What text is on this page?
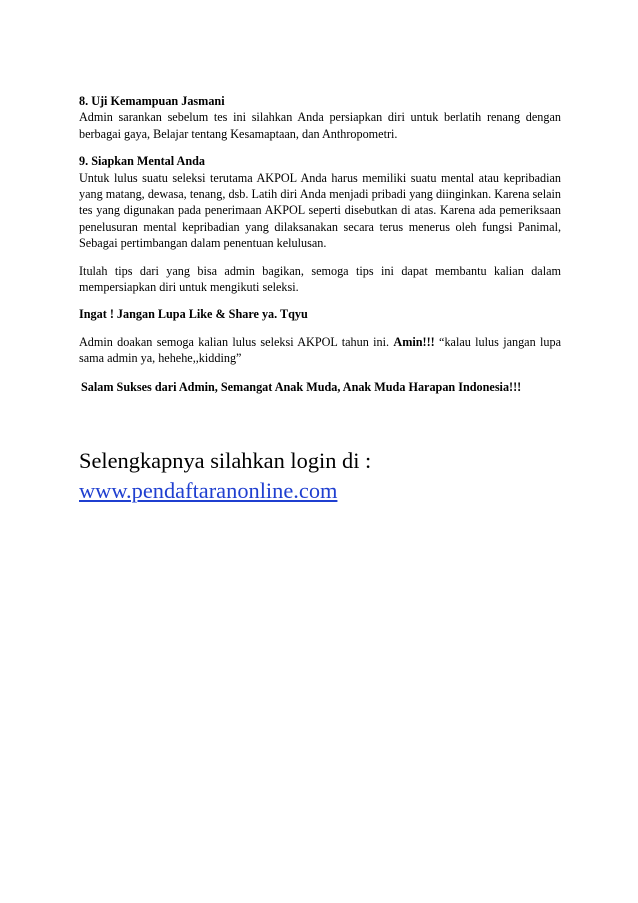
8. Uji Kemampuan Jasmani

Admin sarankan sebelum tes ini silahkan Anda persiapkan diri untuk berlatih renang dengan berbagai gaya, Belajar tentang Kesamaptaan, dan Anthropometri.

9. Siapkan Mental Anda

Untuk lulus suatu seleksi terutama AKPOL Anda harus memiliki suatu mental atau kepribadian yang matang, dewasa, tenang, dsb. Latih diri Anda menjadi pribadi yang diinginkan. Karena selain tes yang digunakan pada penerimaan AKPOL seperti disebutkan di atas. Karena ada pemeriksaan penelusuran mental kepribadian yang dilaksanakan secara terus menerus oleh fungsi Panimal, Sebagai pertimbangan dalam penentuan kelulusan.

Itulah tips dari yang bisa admin bagikan, semoga tips ini dapat membantu kalian dalam mempersiapkan diri untuk mengikuti seleksi.

Ingat ! Jangan Lupa Like & Share ya. Tqyu

Admin doakan semoga kalian lulus seleksi AKPOL tahun ini. Amin!!! “kalau lulus jangan lupa sama admin ya, hehehe,,kidding”

Salam Sukses dari Admin, Semangat Anak Muda, Anak Muda Harapan Indonesia!!!

Selengkapnya silahkan login di :
www.pendaftaranonline.com
